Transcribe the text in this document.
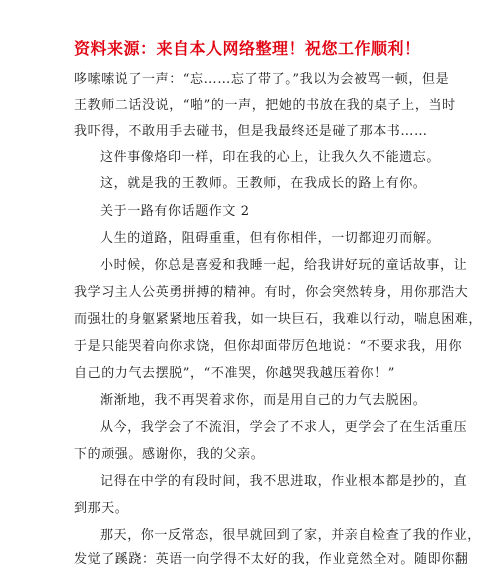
资料来源：来自本人网络整理！祝您工作顺利！
哆嗦嗦说了一声：“忘……忘了带了。”我以为会被骂一顿，但是
王教师二话没说，“啪”的一声，把她的书放在我的桌子上，当时
我吓得，不敢用手去碰书，但是我最终还是碰了那本书……
这件事像烙印一样，印在我的心上，让我久久不能遗忘。
这，就是我的王教师。王教师，在我成长的路上有你。
关于一路有你话题作文 2
人生的道路，阻碍重重，但有你相伴，一切都迎刃而解。
小时候，你总是喜爱和我睡一起，给我讲好玩的童话故事，让
我学习主人公英勇拼搏的精神。有时，你会突然转身，用你那浩大
而强壮的身躯紧紧地压着我，如一块巨石，我难以行动，喘息困难，
于是只能哭着向你求饶，但你却面带厉色地说：“不要求我，用你
自己的力气去摆脱”，“不准哭，你越哭我越压着你！”
渐渐地，我不再哭着求你，而是用自己的力气去脱困。
从今，我学会了不流泪，学会了不求人，更学会了在生活重压
下的顽强。感谢你，我的父亲。
记得在中学的有段时间，我不思进取，作业根本都是抄的，直
到那天。
那天，你一反常态，很早就回到了家，并亲自检查了我的作业，
发觉了蹊跷：英语一向学得不太好的我，作业竟然全对。随即你翻
